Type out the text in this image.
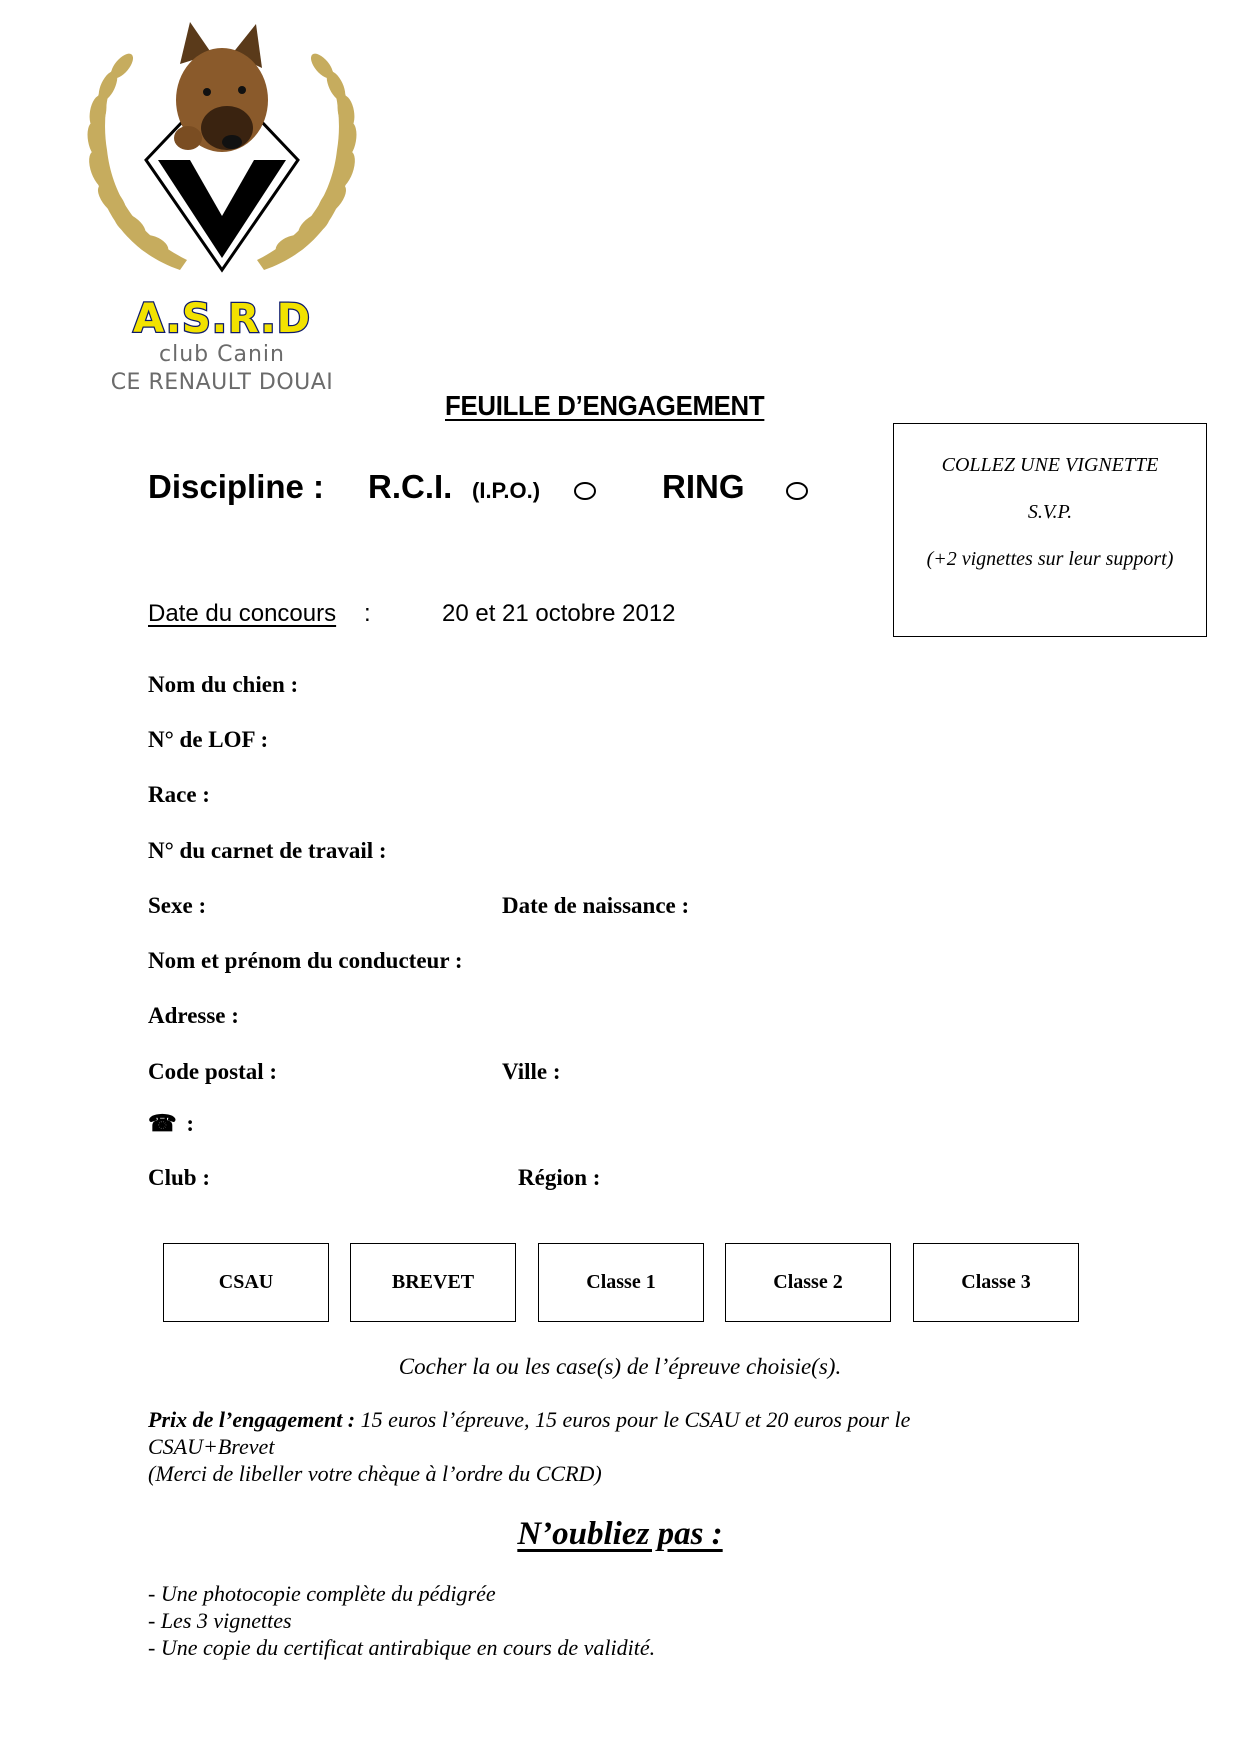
A.S.R.D
club Canin
CE RENAULT DOUAI
FEUILLE D’ENGAGEMENT
COLLEZ UNE VIGNETTE
S.V.P.
(+2 vignettes sur leur support)
Discipline : R.C.I. (I.P.O.)	RING
Date du concours :	20 et 21 octobre 2012
Nom du chien :
N° de LOF :
Race :
N° du carnet de travail :
Sexe :	Date de naissance :
Nom et prénom du conducteur :
Adresse :
Code postal :	Ville :
☎ :
Club :	Région :
CSAU	BREVET	Classe 1	Classe 2	Classe 3
Cocher la ou les case(s) de l’épreuve choisie(s).
Prix de l’engagement : 15 euros l’épreuve, 15 euros pour le CSAU et 20 euros pour le
CSAU+Brevet
(Merci de libeller votre chèque à l’ordre du CCRD)
N’oubliez pas :
- Une photocopie complète du pédigrée
- Les 3 vignettes
- Une copie du certificat antirabique en cours de validité.
